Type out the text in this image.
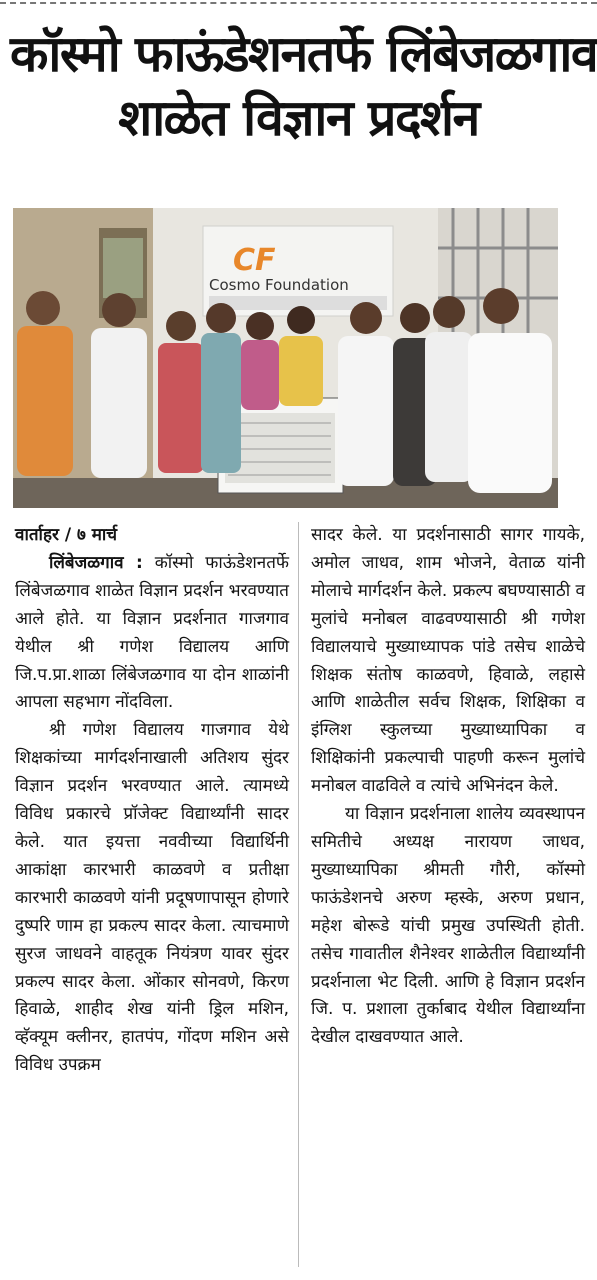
कॉस्मो फाऊंडेशनतर्फे लिंबेजळगाव
शाळेत विज्ञान प्रदर्शन
CF
Cosmo Foundation

वार्ताहर / ७ मार्च

लिंबेजळगाव : कॉस्मो फाऊंडेशनतर्फे लिंबेजळगाव शाळेत विज्ञान प्रदर्शन भरवण्यात आले होते. या विज्ञान प्रदर्शनात गाजगाव येथील श्री गणेश विद्यालय आणि जि.प.प्रा.शाळा लिंबेजळगाव या दोन शाळांनी आपला सहभाग नोंदविला.

श्री गणेश विद्यालय गाजगाव येथे शिक्षकांच्या मार्गदर्शनाखाली अतिशय सुंदर विज्ञान प्रदर्शन भरवण्यात आले. त्यामध्ये विविध प्रकारचे प्रॉजेक्ट विद्यार्थ्यांनी सादर केले. यात इयत्ता नववीच्या विद्यार्थिनी आकांक्षा कारभारी काळवणे व प्रतीक्षा कारभारी काळवणे यांनी प्रदूषणापासून होणारे दुष्परि णाम हा प्रकल्प सादर केला. त्याचमाणे सुरज जाधवने वाहतूक नियंत्रण यावर सुंदर प्रकल्प सादर केला. ओंकार सोनवणे, किरण हिवाळे, शाहीद शेख यांनी ड्रिल मशिन, व्हॅक्यूम क्लीनर, हातपंप, गोंदण मशिन असे विविध उपक्रम

सादर केले. या प्रदर्शनासाठी सागर गायके, अमोल जाधव, शाम भोजने, वेताळ यांनी मोलाचे मार्गदर्शन केले. प्रकल्प बघण्यासाठी व मुलांचे मनोबल वाढवण्यासाठी श्री गणेश विद्यालयाचे मुख्याध्यापक पांडे तसेच शाळेचे शिक्षक संतोष काळवणे, हिवाळे, लहासे आणि शाळेतील सर्वच शिक्षक, शिक्षिका व इंग्लिश स्कुलच्या मुख्याध्यापिका व शिक्षिकांनी प्रकल्पाची पाहणी करून मुलांचे मनोबल वाढविले व त्यांचे अभिनंदन केले.

या विज्ञान प्रदर्शनाला शालेय व्यवस्थापन समितीचे अध्यक्ष नारायण जाधव, मुख्याध्यापिका श्रीमती गौरी, कॉस्मो फाऊंडेशनचे अरुण म्हस्के, अरुण प्रधान, महेश बोरूडे यांची प्रमुख उपस्थिती होती. तसेच गावातील शैनेश्वर शाळेतील विद्यार्थ्यांनी प्रदर्शनाला भेट दिली. आणि हे विज्ञान प्रदर्शन जि. प. प्रशाला तुर्काबाद येथील विद्यार्थ्यांना देखील दाखवण्यात आले.
